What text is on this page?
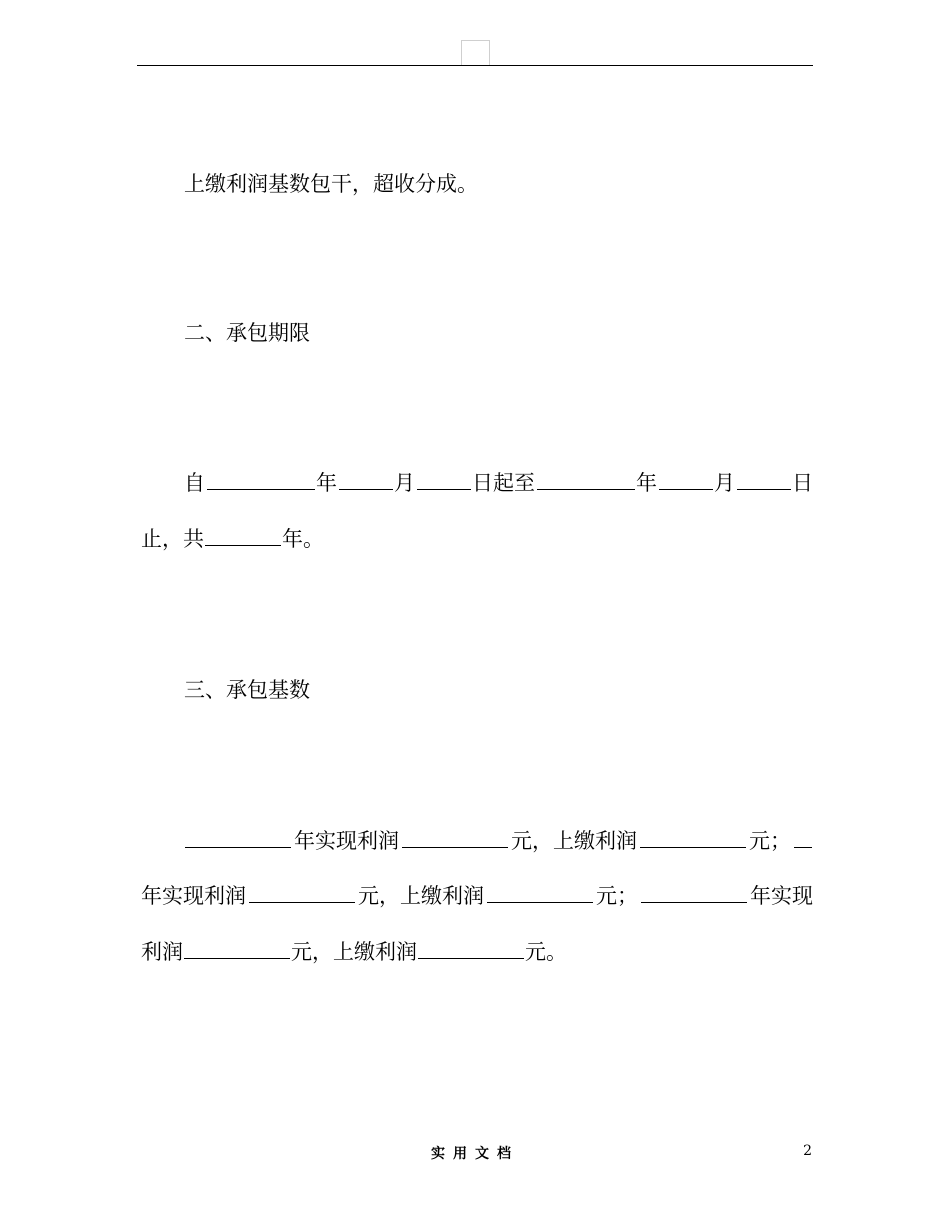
上缴利润基数包干，超收分成。
二、承包期限
自	年	月	日起至	年	月	日
止，共	年。
三、承包基数
年实现利润	元，上缴利润	元；
年实现利润	元，上缴利润	元；	年实现
利润	元，上缴利润	元。
实用文档	2
